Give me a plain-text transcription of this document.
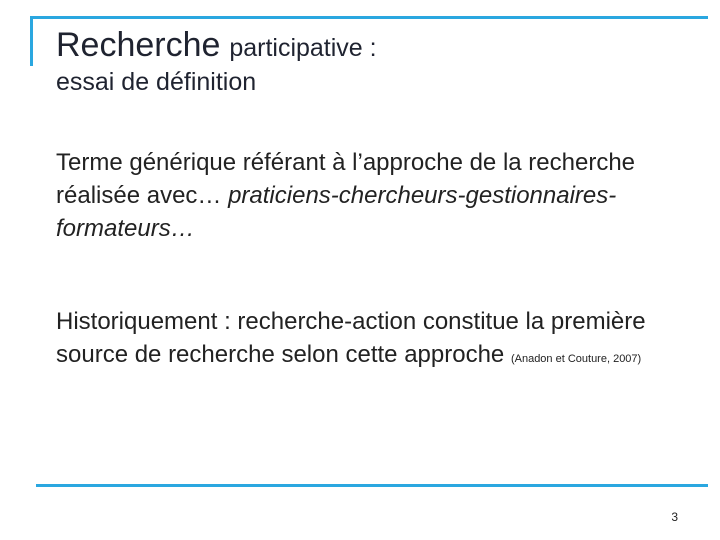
Recherche participative :
essai de définition

Terme générique référant à l’approche de la recherche réalisée avec… praticiens-chercheurs-gestionnaires-formateurs…

Historiquement : recherche-action constitue la première source de recherche selon cette approche (Anadon et Couture, 2007)

3
